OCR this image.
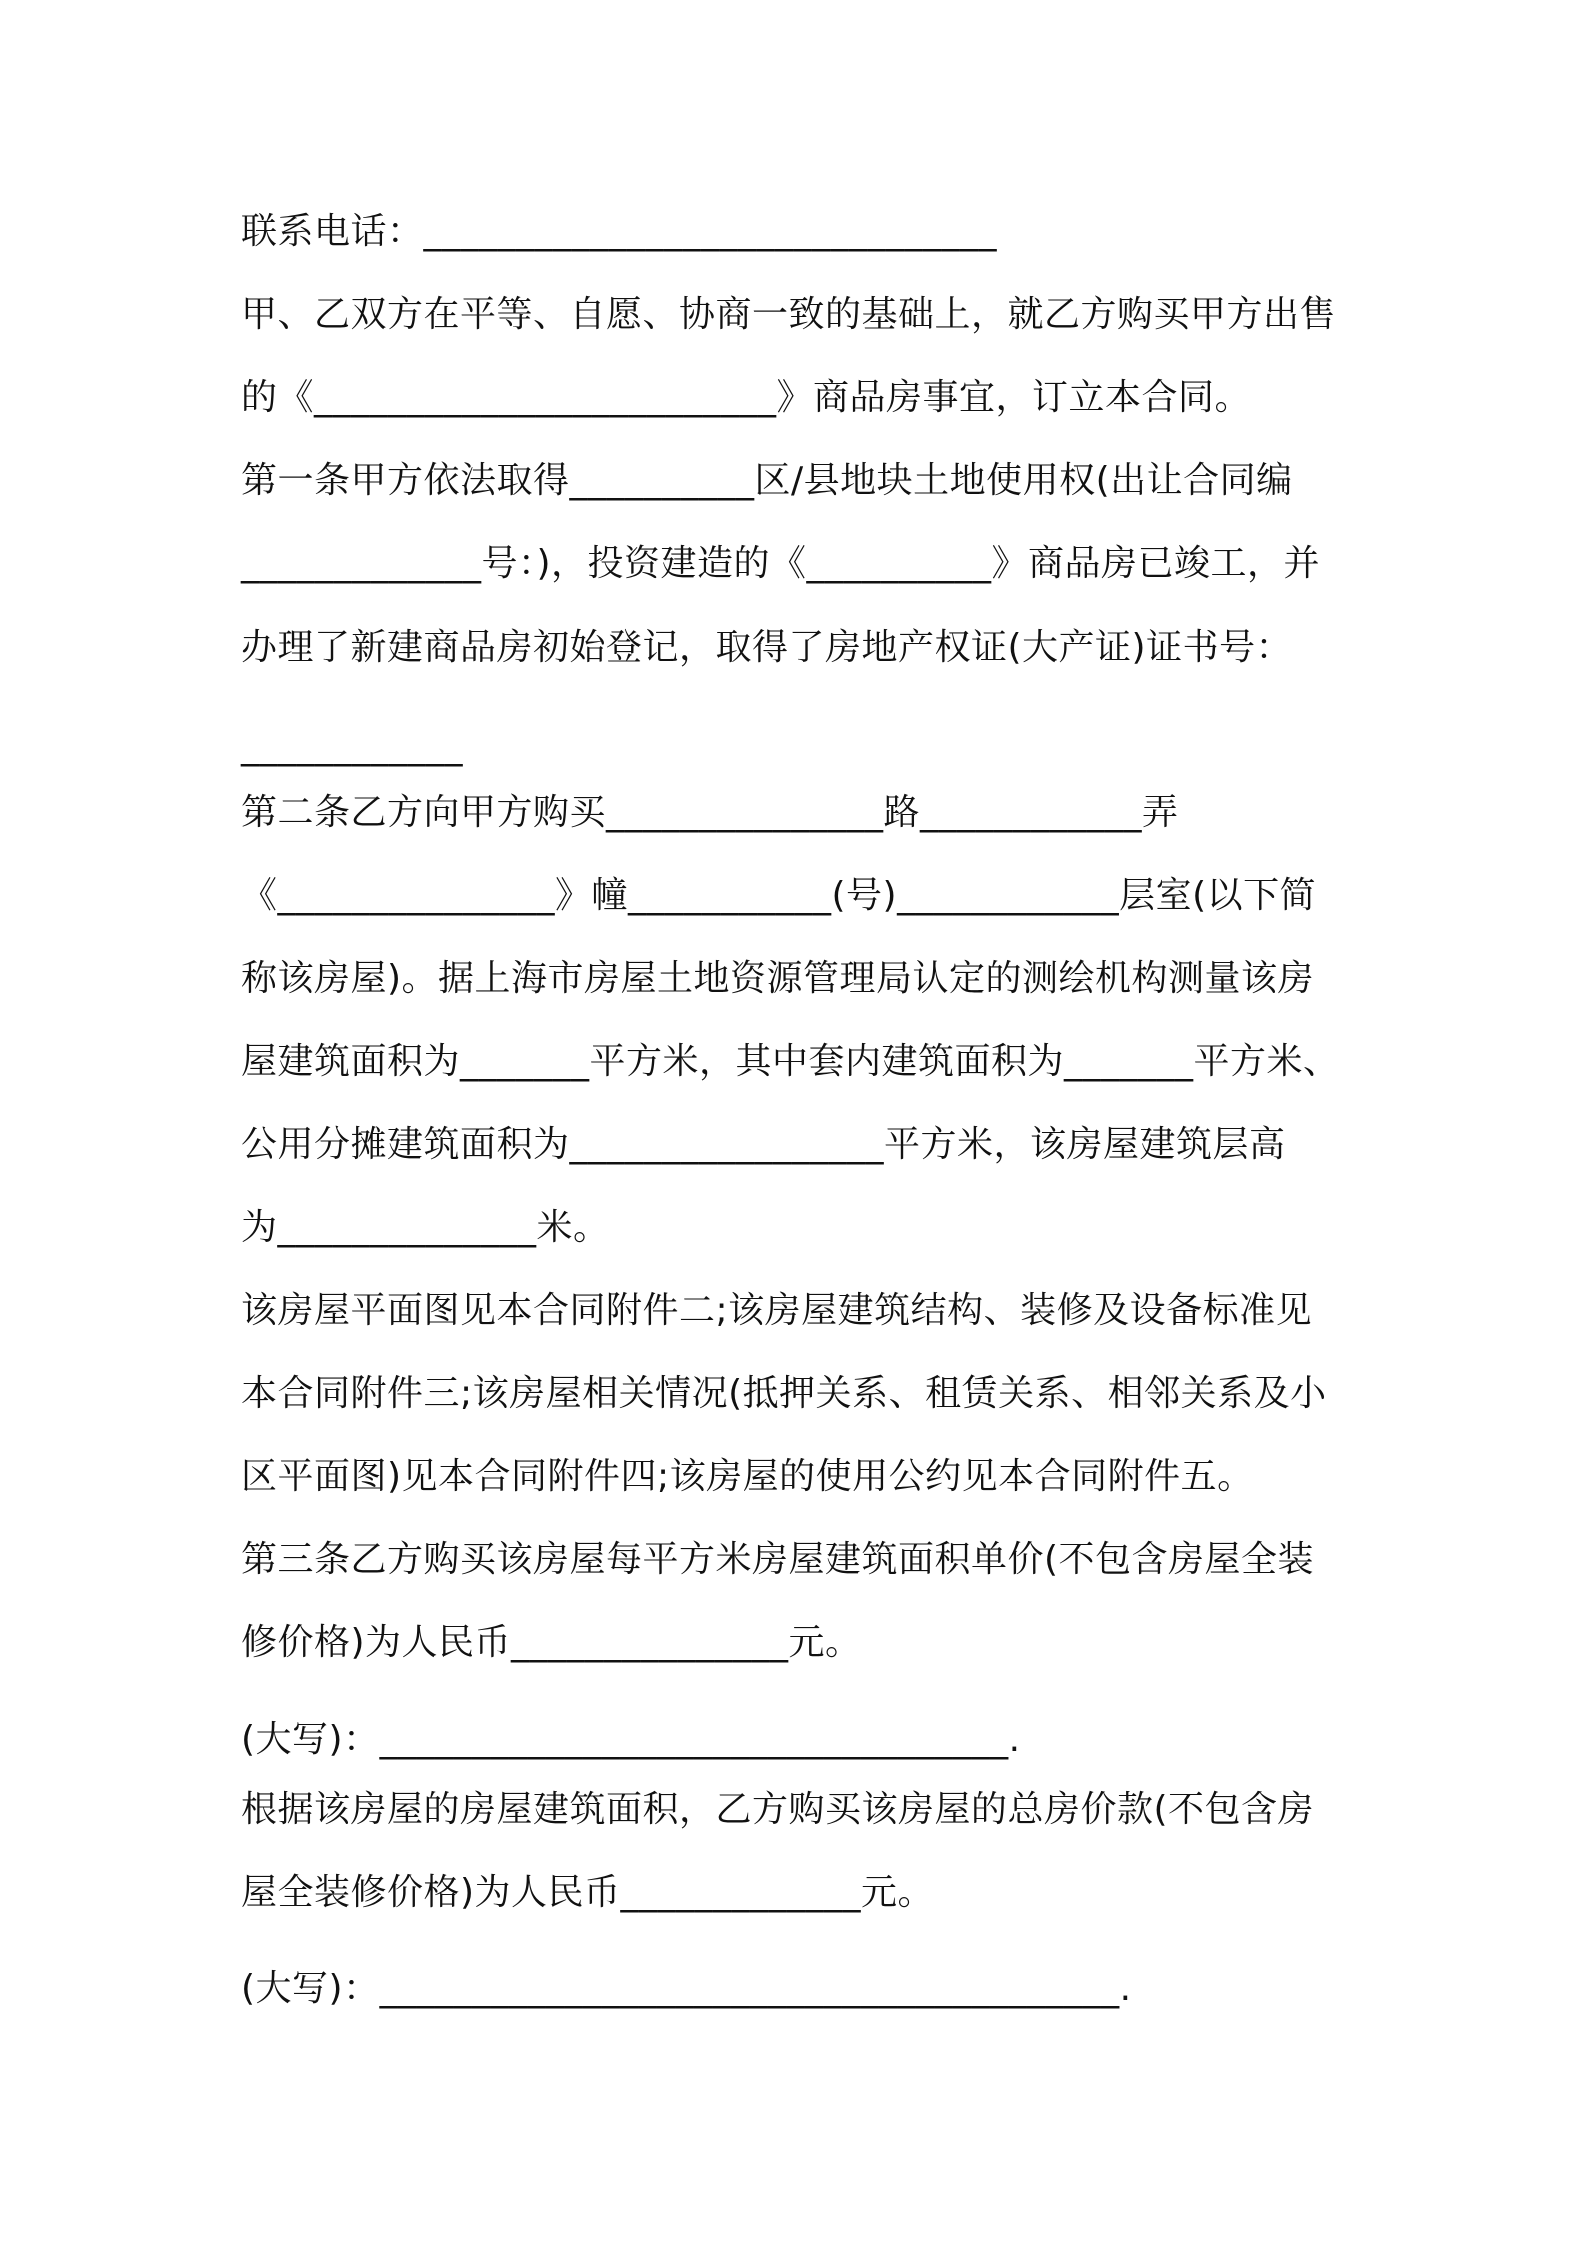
联系电话：_______________________________

甲、乙双方在平等、自愿、协商一致的基础上，就乙方购买甲方出售

的《_________________________》商品房事宜，订立本合同。

第一条甲方依法取得__________区/县地块土地使用权(出让合同编

_____________号：)，投资建造的《__________》商品房已竣工，并

办理了新建商品房初始登记，取得了房地产权证(大产证)证书号：

____________

第二条乙方向甲方购买_______________路____________弄

《_______________》幢___________(号)____________层室(以下简

称该房屋)。据上海市房屋土地资源管理局认定的测绘机构测量该房

屋建筑面积为_______平方米，其中套内建筑面积为_______平方米、

公用分摊建筑面积为_________________平方米，该房屋建筑层高

为______________米。

该房屋平面图见本合同附件二;该房屋建筑结构、装修及设备标准见

本合同附件三;该房屋相关情况(抵押关系、租赁关系、相邻关系及小

区平面图)见本合同附件四;该房屋的使用公约见本合同附件五。

第三条乙方购买该房屋每平方米房屋建筑面积单价(不包含房屋全装

修价格)为人民币_______________元。

(大写)：__________________________________.

根据该房屋的房屋建筑面积，乙方购买该房屋的总房价款(不包含房

屋全装修价格)为人民币_____________元。

(大写)：________________________________________.
